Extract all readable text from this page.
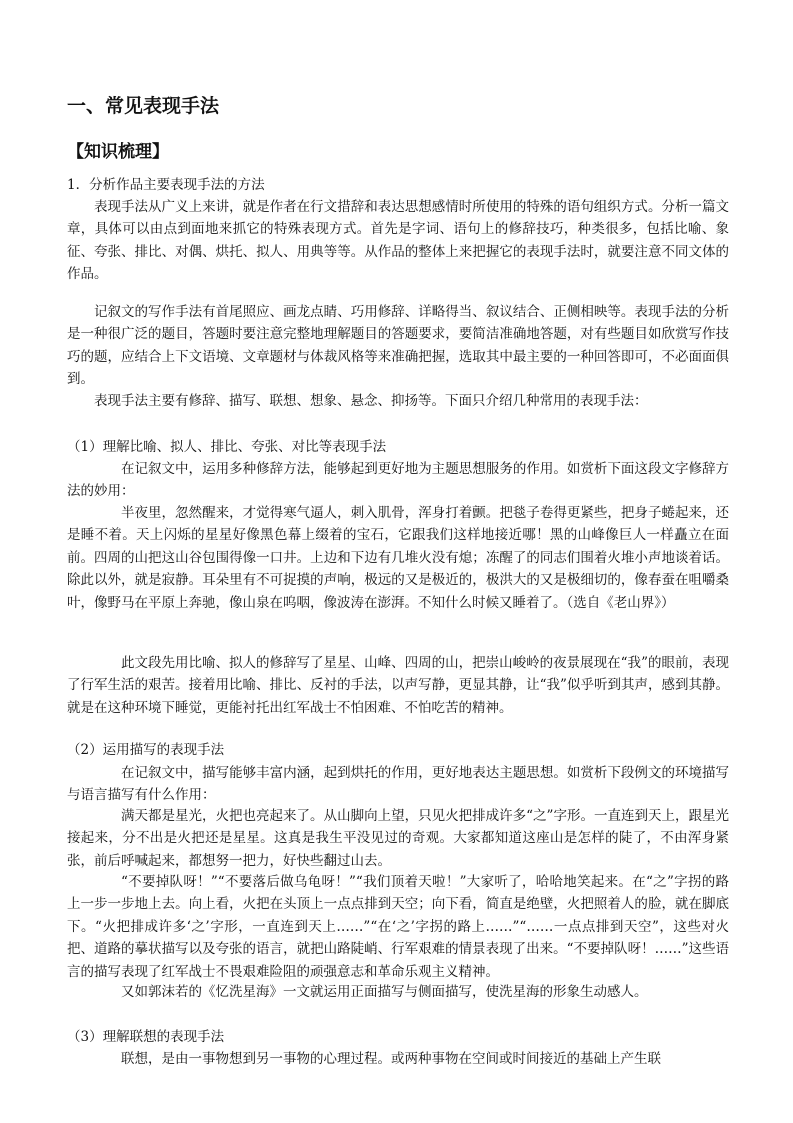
一、常见表现手法
【知识梳理】

1．分析作品主要表现手法的方法

表现手法从广义上来讲，就是作者在行文措辞和表达思想感情时所使用的特殊的语句组织方式。分析一篇文章，具体可以由点到面地来抓它的特殊表现方式。首先是字词、语句上的修辞技巧，种类很多，包括比喻、象征、夸张、排比、对偶、烘托、拟人、用典等等。从作品的整体上来把握它的表现手法时，就要注意不同文体的作品。

记叙文的写作手法有首尾照应、画龙点睛、巧用修辞、详略得当、叙议结合、正侧相映等。表现手法的分析是一种很广泛的题目，答题时要注意完整地理解题目的答题要求，要简洁准确地答题，对有些题目如欣赏写作技巧的题，应结合上下文语境、文章题材与体裁风格等来准确把握，选取其中最主要的一种回答即可，不必面面俱到。

表现手法主要有修辞、描写、联想、想象、悬念、抑扬等。下面只介绍几种常用的表现手法：

（1）理解比喻、拟人、排比、夸张、对比等表现手法

在记叙文中，运用多种修辞方法，能够起到更好地为主题思想服务的作用。如赏析下面这段文字修辞方法的妙用：

半夜里，忽然醒来，才觉得寒气逼人，刺入肌骨，浑身打着颤。把毯子卷得更紧些，把身子蜷起来，还是睡不着。天上闪烁的星星好像黑色幕上缀着的宝石，它跟我们这样地接近哪！黑的山峰像巨人一样矗立在面前。四周的山把这山谷包围得像一口井。上边和下边有几堆火没有熄；冻醒了的同志们围着火堆小声地谈着话。除此以外，就是寂静。耳朵里有不可捉摸的声响，极远的又是极近的，极洪大的又是极细切的，像春蚕在咀嚼桑叶，像野马在平原上奔驰，像山泉在呜咽，像波涛在澎湃。不知什么时候又睡着了。（选自《老山界》）

此文段先用比喻、拟人的修辞写了星星、山峰、四周的山，把崇山峻岭的夜景展现在“我”的眼前，表现了行军生活的艰苦。接着用比喻、排比、反衬的手法，以声写静，更显其静，让“我”似乎听到其声，感到其静。就是在这种环境下睡觉，更能衬托出红军战士不怕困难、不怕吃苦的精神。

（2）运用描写的表现手法

在记叙文中，描写能够丰富内涵，起到烘托的作用，更好地表达主题思想。如赏析下段例文的环境描写与语言描写有什么作用：

满天都是星光，火把也亮起来了。从山脚向上望，只见火把排成许多“之”字形。一直连到天上，跟星光接起来，分不出是火把还是星星。这真是我生平没见过的奇观。大家都知道这座山是怎样的陡了，不由浑身紧张，前后呼喊起来，都想努一把力，好快些翻过山去。

“不要掉队呀！”“不要落后做乌龟呀！”“我们顶着天啦！”大家听了，哈哈地笑起来。在“之”字拐的路上一步一步地上去。向上看，火把在头顶上一点点排到天空；向下看，简直是绝壁，火把照着人的脸，就在脚底下。“火把排成许多‘之’字形，一直连到天上……”“在‘之’字拐的路上……”“……一点点排到天空”，这些对火把、道路的摹状描写以及夸张的语言，就把山路陡峭、行军艰难的情景表现了出来。“不要掉队呀！……”这些语言的描写表现了红军战士不畏艰难险阻的顽强意志和革命乐观主义精神。

又如郭沫若的《忆洗星海》一文就运用正面描写与侧面描写，使洗星海的形象生动感人。

（3）理解联想的表现手法

联想，是由一事物想到另一事物的心理过程。或两种事物在空间或时间接近的基础上产生联
